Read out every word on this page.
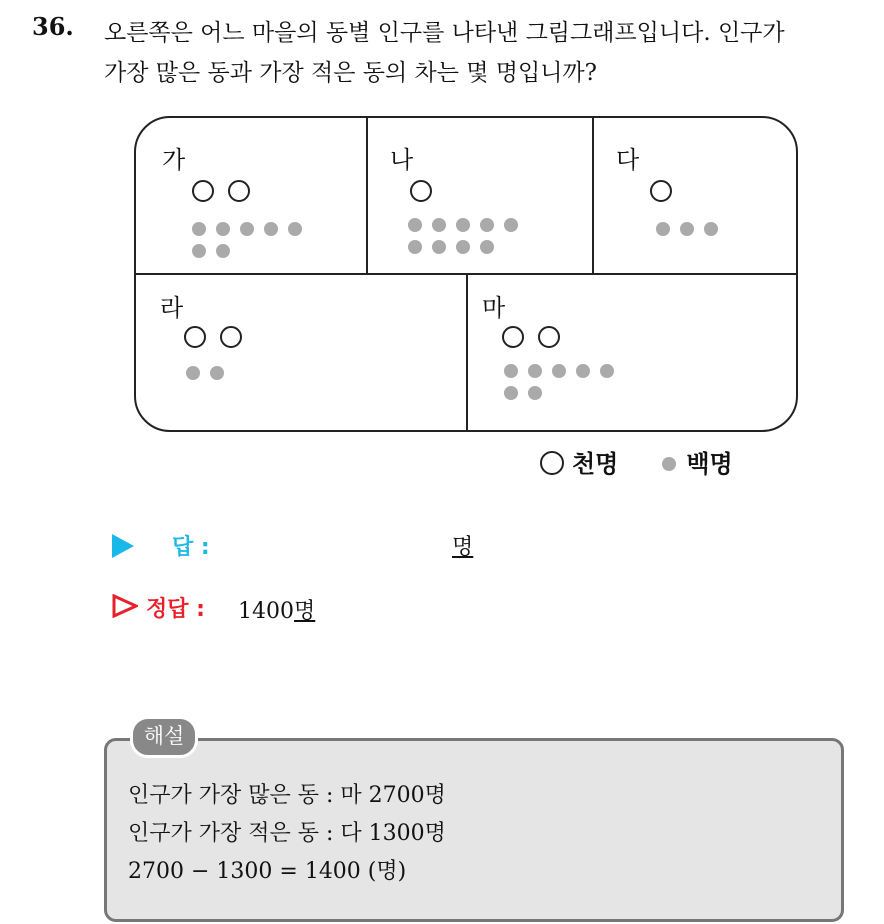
36. 오른쪽은 어느 마을의 동별 인구를 나타낸 그림그래프입니다. 인구가
가장 많은 동과 가장 적은 동의 차는 몇 명입니까?
가	나	다
라	마
천명	백명
답 :	명
정답 : 1400명
해설
인구가 가장 많은 동 : 마 2700명
인구가 가장 적은 동 : 다 1300명
2700 − 1300 = 1400 (명)
